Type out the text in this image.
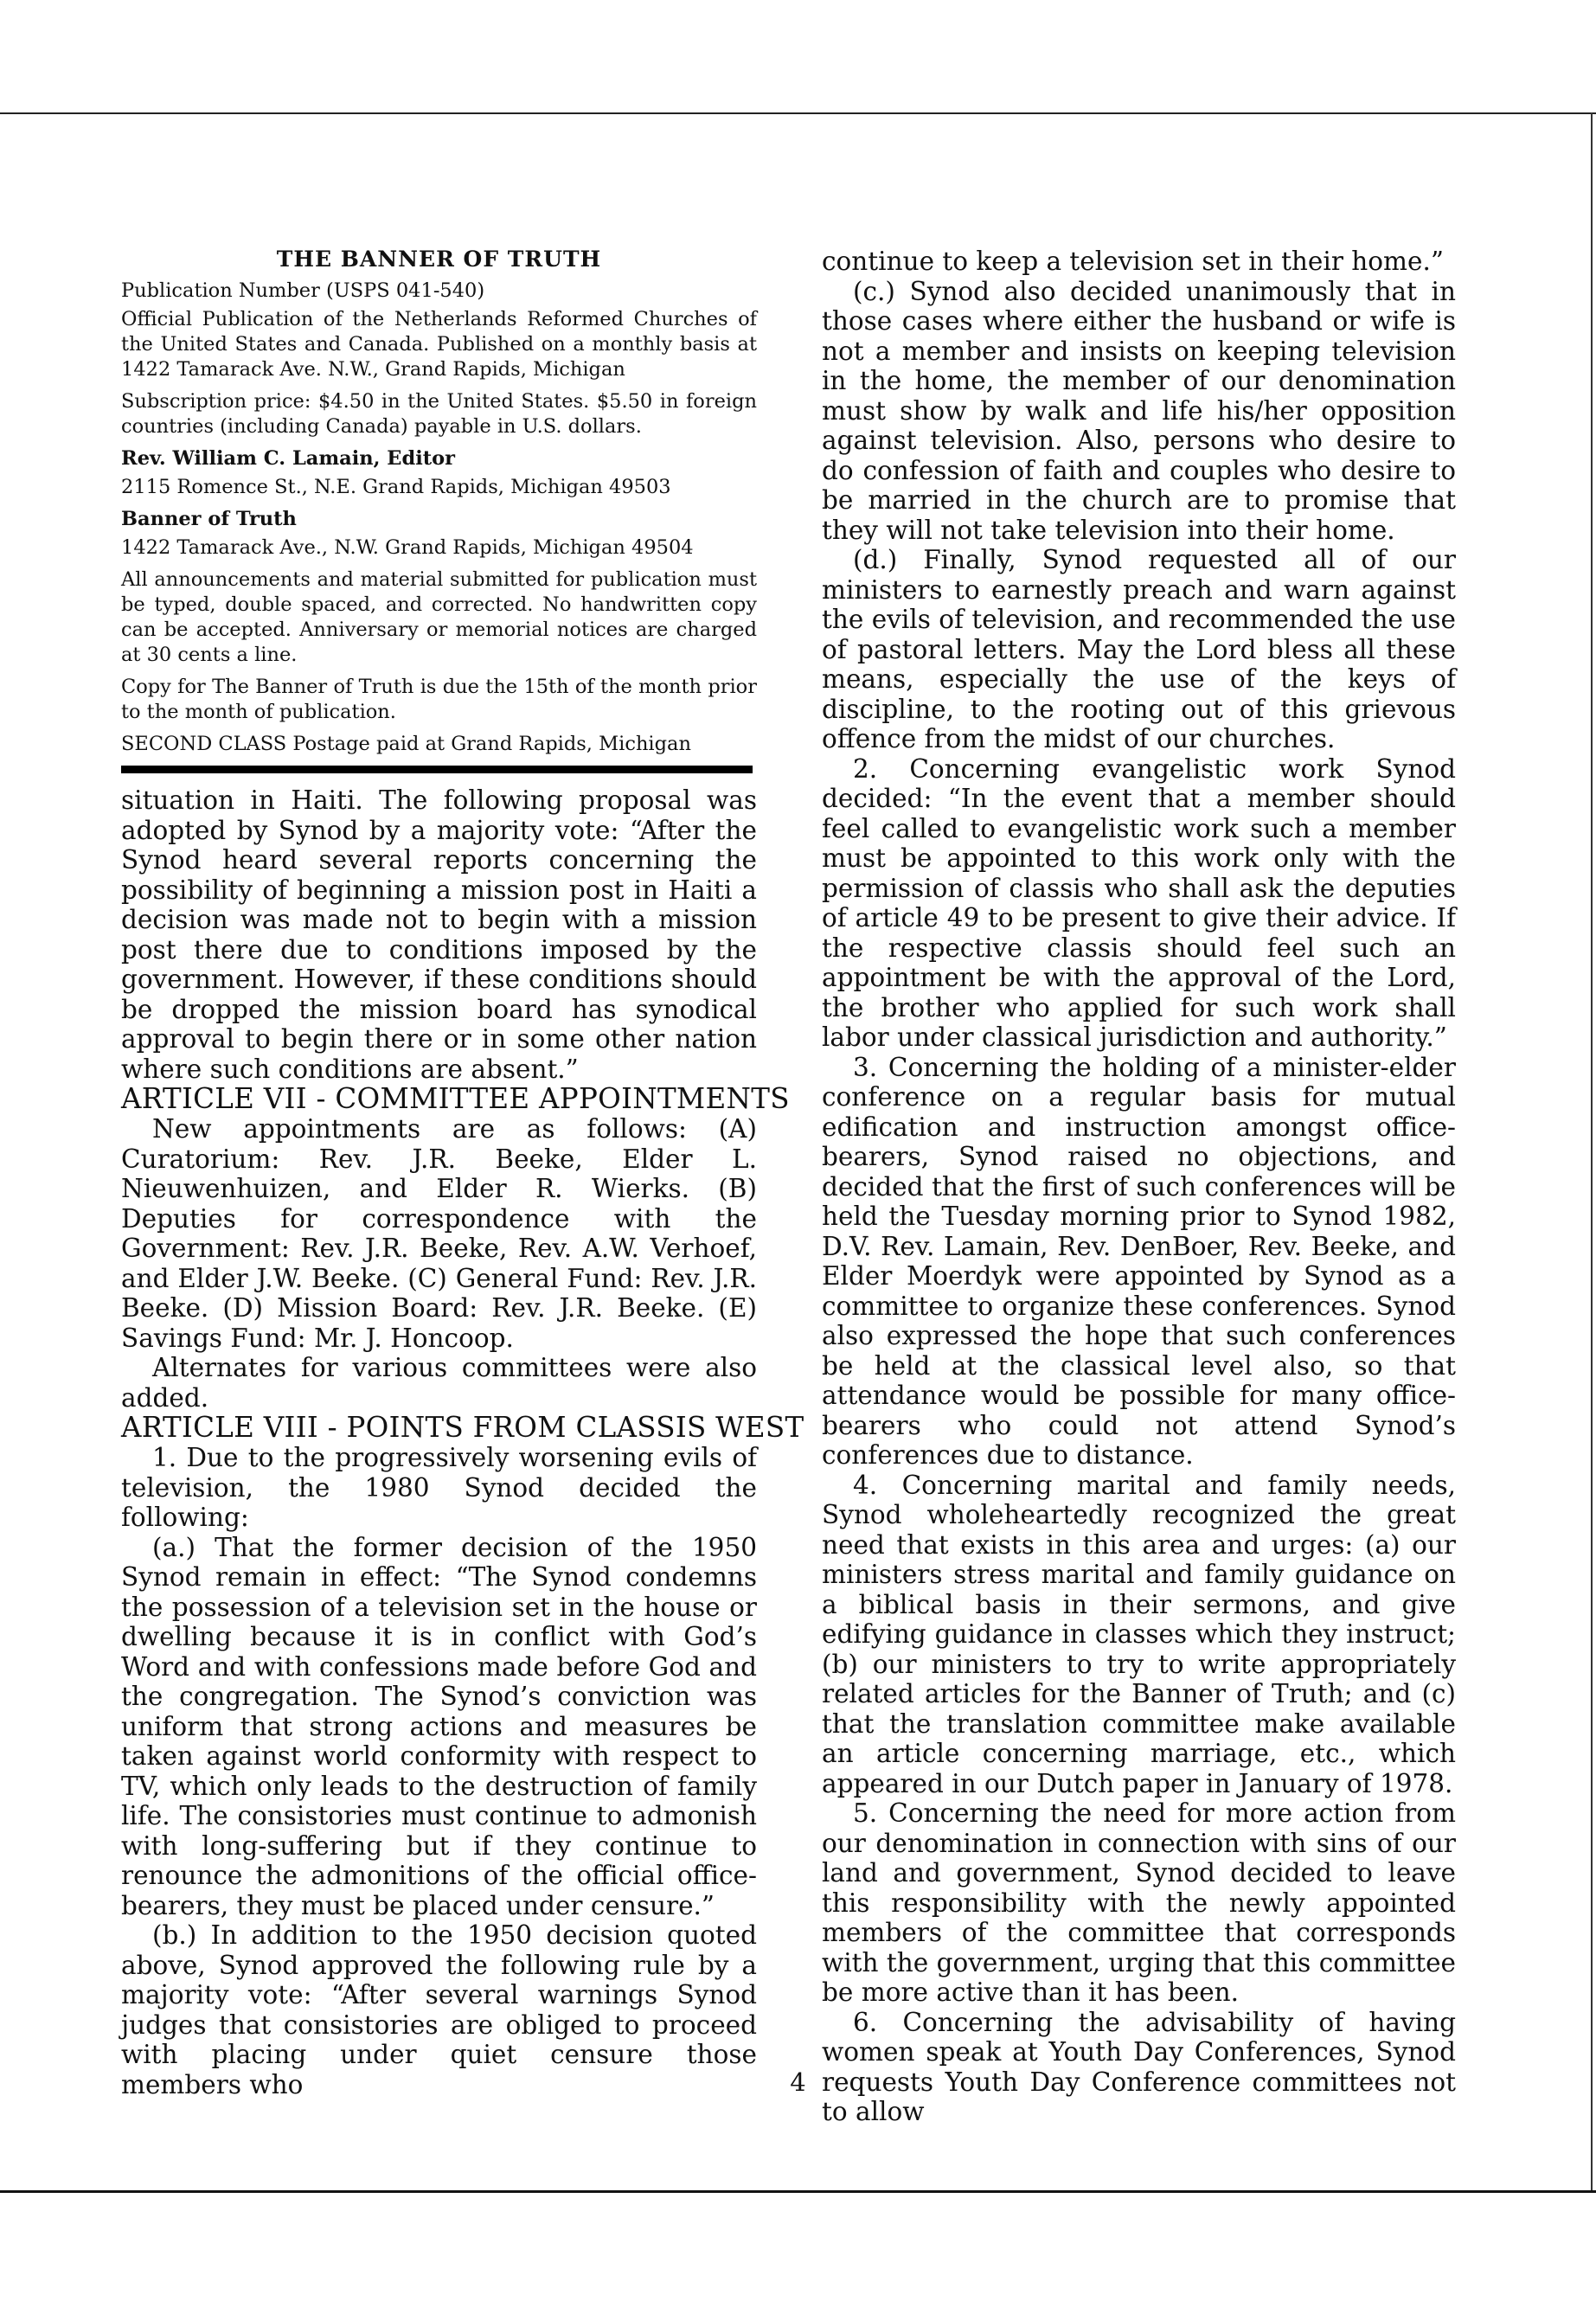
THE BANNER OF TRUTH

Publication Number (USPS 041-540)

Official Publication of the Netherlands Reformed Churches of the United States and Canada. Published on a monthly basis at 1422 Tamarack Ave. N.W., Grand Rapids, Michigan

Subscription price: $4.50 in the United States. $5.50 in foreign countries (including Canada) payable in U.S. dollars.

Rev. William C. Lamain, Editor

2115 Romence St., N.E. Grand Rapids, Michigan 49503

Banner of Truth

1422 Tamarack Ave., N.W. Grand Rapids, Michigan 49504

All announcements and material submitted for publication must be typed, double spaced, and corrected. No handwritten copy can be accepted. Anniversary or memorial notices are charged at 30 cents a line.

Copy for The Banner of Truth is due the 15th of the month prior to the month of publication.

SECOND CLASS Postage paid at Grand Rapids, Michigan

situation in Haiti. The following proposal was adopted by Synod by a majority vote: “After the Synod heard several reports concerning the possibility of beginning a mission post in Haiti a decision was made not to begin with a mission post there due to conditions imposed by the government. However, if these conditions should be dropped the mission board has synodical approval to begin there or in some other nation where such conditions are absent.”

ARTICLE VII - COMMITTEE APPOINTMENTS

New appointments are as follows: (A) Curatorium: Rev. J.R. Beeke, Elder L. Nieuwenhuizen, and Elder R. Wierks. (B) Deputies for correspondence with the Government: Rev. J.R. Beeke, Rev. A.W. Verhoef, and Elder J.W. Beeke. (C) General Fund: Rev. J.R. Beeke. (D) Mission Board: Rev. J.R. Beeke. (E) Savings Fund: Mr. J. Honcoop.

Alternates for various committees were also added.

ARTICLE VIII - POINTS FROM CLASSIS WEST

1. Due to the progressively worsening evils of television, the 1980 Synod decided the following:

(a.) That the former decision of the 1950 Synod remain in effect: “The Synod condemns the possession of a television set in the house or dwelling because it is in conflict with God’s Word and with confessions made before God and the congregation. The Synod’s conviction was uniform that strong actions and measures be taken against world conformity with respect to TV, which only leads to the destruction of family life. The consistories must continue to admonish with long-suffering but if they continue to renounce the admonitions of the official office-bearers, they must be placed under censure.”

(b.) In addition to the 1950 decision quoted above, Synod approved the following rule by a majority vote: “After several warnings Synod judges that consistories are obliged to proceed with placing under quiet censure those members who

continue to keep a television set in their home.”

(c.) Synod also decided unanimously that in those cases where either the husband or wife is not a member and insists on keeping television in the home, the member of our denomination must show by walk and life his/her opposition against television. Also, persons who desire to do confession of faith and couples who desire to be married in the church are to promise that they will not take television into their home.

(d.) Finally, Synod requested all of our ministers to earnestly preach and warn against the evils of television, and recommended the use of pastoral letters. May the Lord bless all these means, especially the use of the keys of discipline, to the rooting out of this grievous offence from the midst of our churches.

2. Concerning evangelistic work Synod decided: “In the event that a member should feel called to evangelistic work such a member must be appointed to this work only with the permission of classis who shall ask the deputies of article 49 to be present to give their advice. If the respective classis should feel such an appointment be with the approval of the Lord, the brother who applied for such work shall labor under classical jurisdiction and authority.”

3. Concerning the holding of a minister-elder conference on a regular basis for mutual edification and instruction amongst office-bearers, Synod raised no objections, and decided that the first of such conferences will be held the Tuesday morning prior to Synod 1982, D.V. Rev. Lamain, Rev. DenBoer, Rev. Beeke, and Elder Moerdyk were appointed by Synod as a committee to organize these conferences. Synod also expressed the hope that such conferences be held at the classical level also, so that attendance would be possible for many office-bearers who could not attend Synod’s conferences due to distance.

4. Concerning marital and family needs, Synod wholeheartedly recognized the great need that exists in this area and urges: (a) our ministers stress marital and family guidance on a biblical basis in their sermons, and give edifying guidance in classes which they instruct; (b) our ministers to try to write appropriately related articles for the Banner of Truth; and (c) that the translation committee make available an article concerning marriage, etc., which appeared in our Dutch paper in January of 1978.

5. Concerning the need for more action from our denomination in connection with sins of our land and government, Synod decided to leave this responsibility with the newly appointed members of the committee that corresponds with the government, urging that this committee be more active than it has been.

6. Concerning the advisability of having women speak at Youth Day Conferences, Synod requests Youth Day Conference committees not to allow

4
